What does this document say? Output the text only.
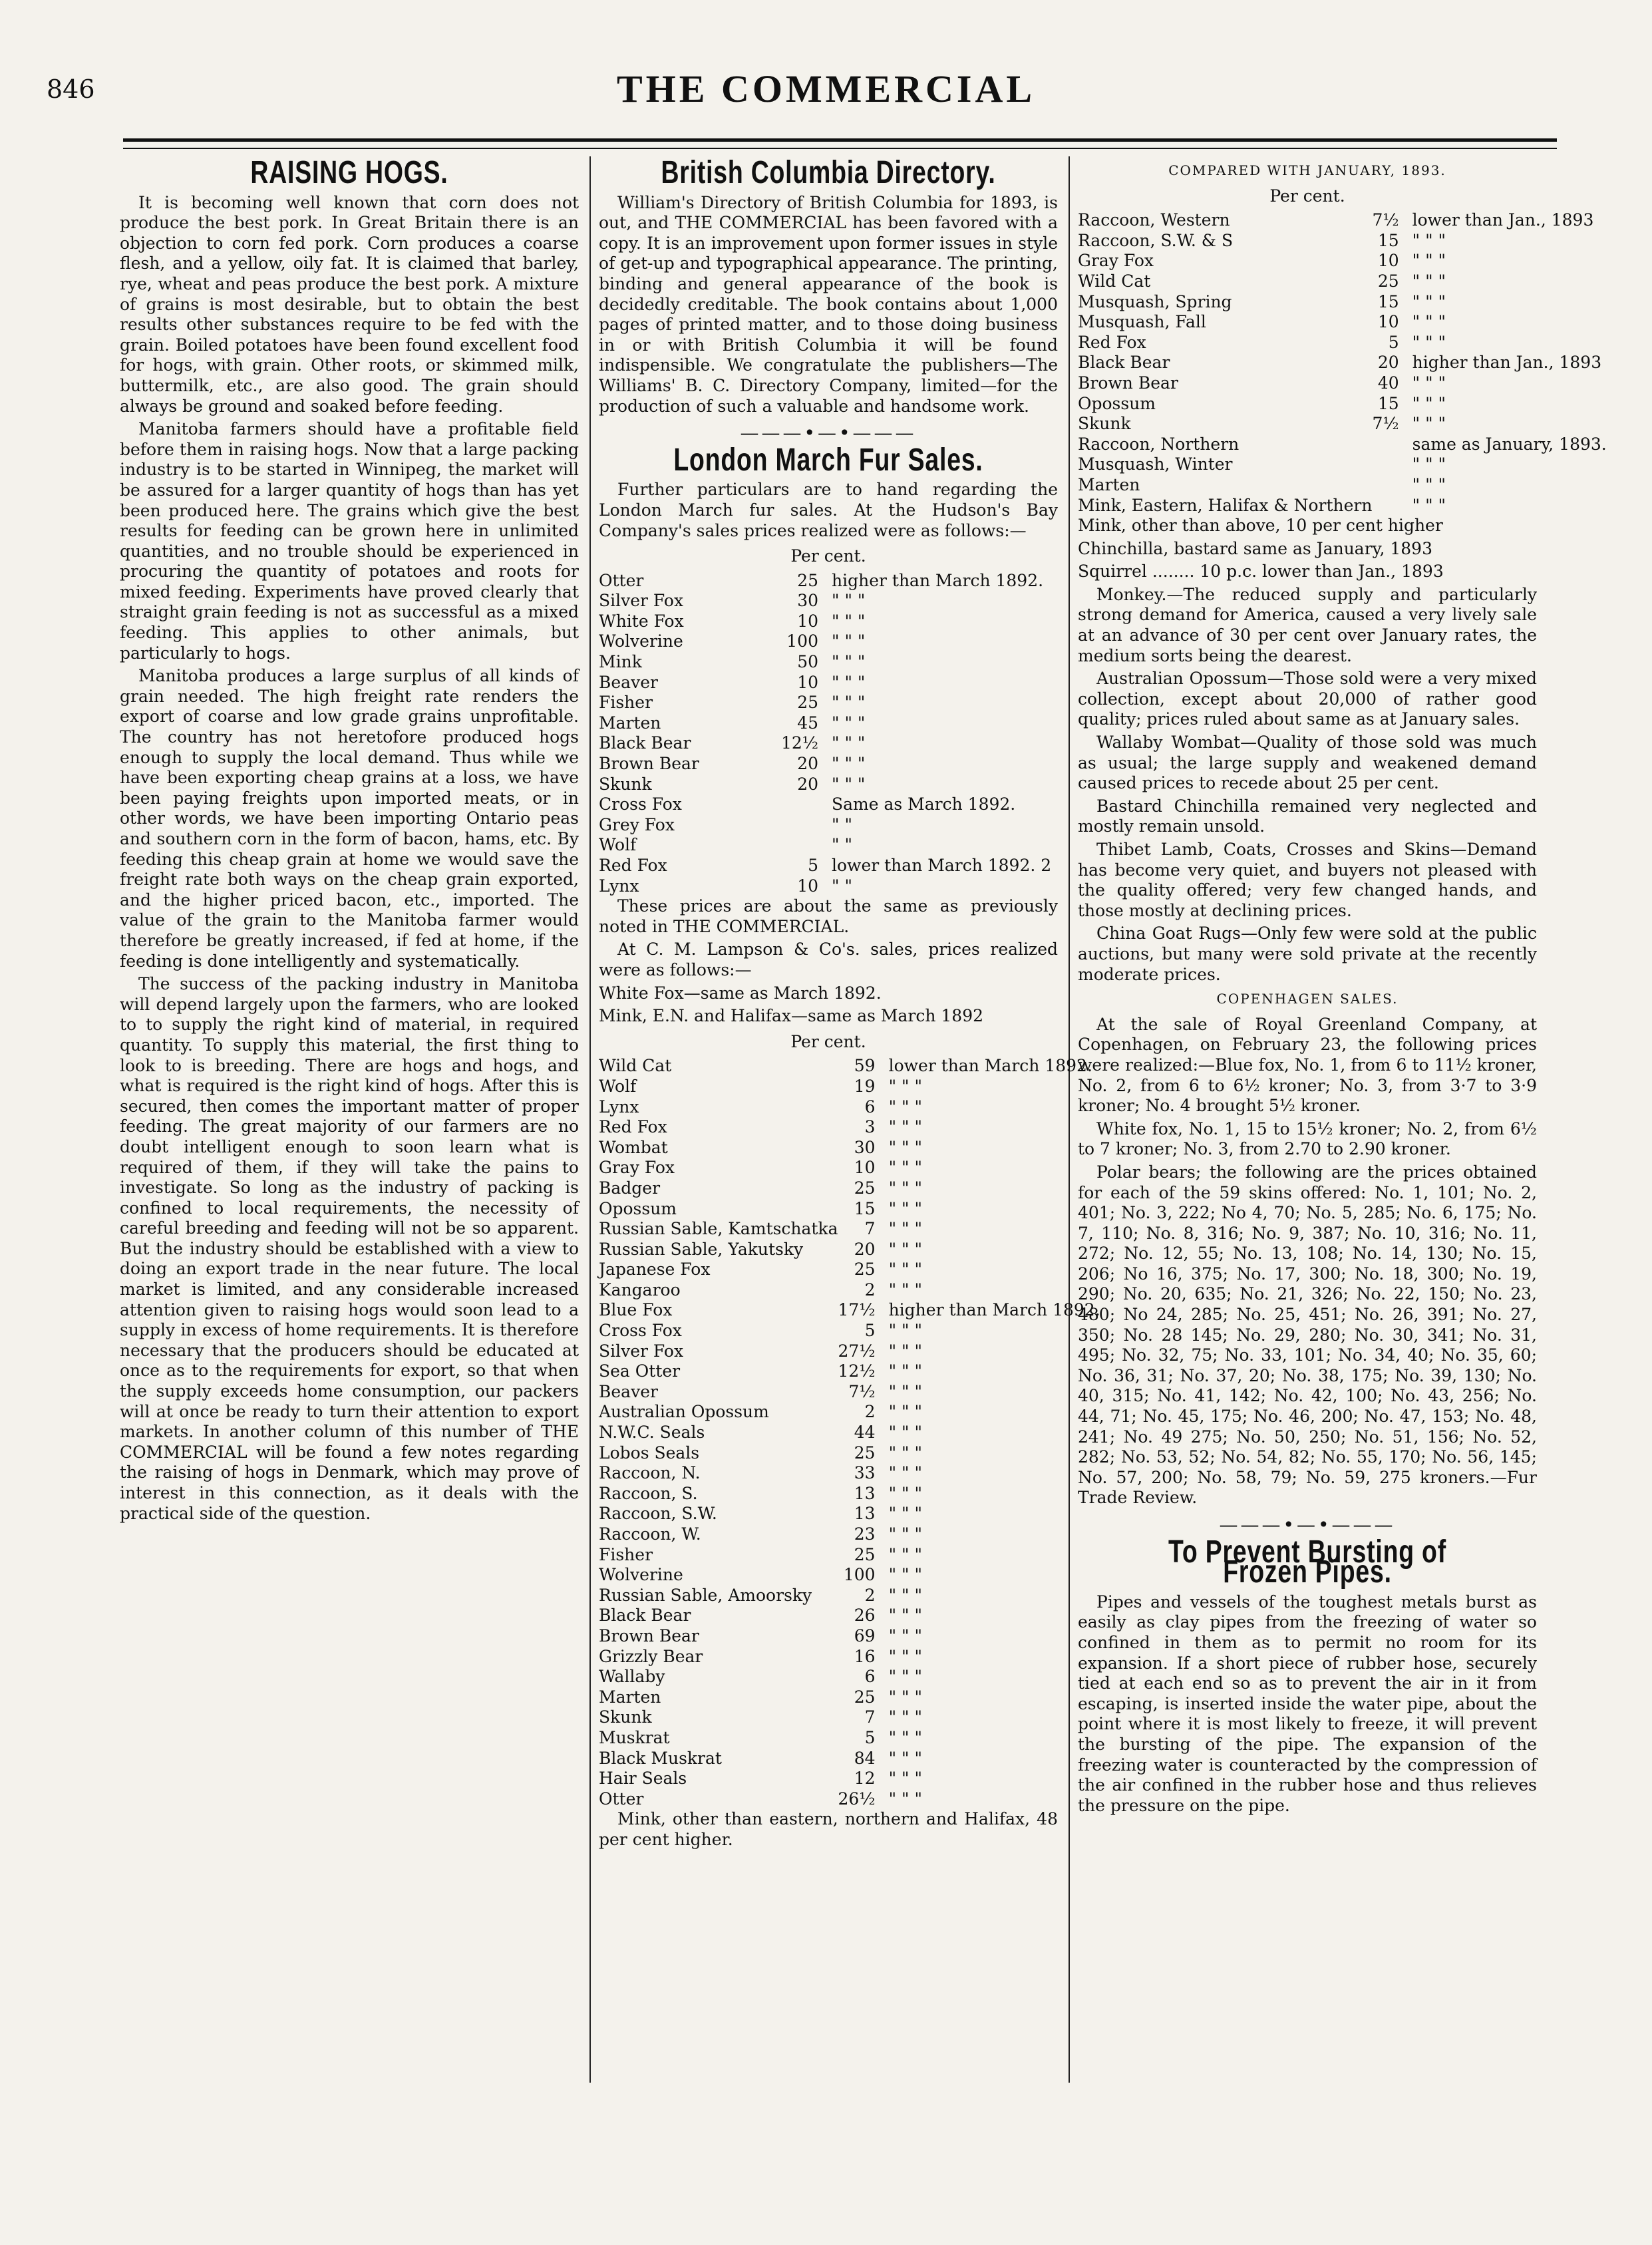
846	THE COMMERCIAL
RAISING HOGS.

It is becoming well known that corn does not produce the best pork. In Great Britain there is an objection to corn fed pork. Corn produces a coarse flesh, and a yellow, oily fat. It is claimed that barley, rye, wheat and peas produce the best pork. A mixture of grains is most desirable, but to obtain the best results other substances require to be fed with the grain. Boiled potatoes have been found excellent food for hogs, with grain. Other roots, or skimmed milk, buttermilk, etc., are also good. The grain should always be ground and soaked before feeding.

Manitoba farmers should have a profitable field before them in raising hogs. Now that a large packing industry is to be started in Winnipeg, the market will be assured for a larger quantity of hogs than has yet been produced here. The grains which give the best results for feeding can be grown here in unlimited quantities, and no trouble should be experienced in procuring the quantity of potatoes and roots for mixed feeding. Experiments have proved clearly that straight grain feeding is not as successful as a mixed feeding. This applies to other animals, but particularly to hogs.

Manitoba produces a large surplus of all kinds of grain needed. The high freight rate renders the export of coarse and low grade grains unprofitable. The country has not heretofore produced hogs enough to supply the local demand. Thus while we have been exporting cheap grains at a loss, we have been paying freights upon imported meats, or in other words, we have been importing Ontario peas and southern corn in the form of bacon, hams, etc. By feeding this cheap grain at home we would save the freight rate both ways on the cheap grain exported, and the higher priced bacon, etc., imported. The value of the grain to the Manitoba farmer would therefore be greatly increased, if fed at home, if the feeding is done intelligently and systematically.

The success of the packing industry in Manitoba will depend largely upon the farmers, who are looked to to supply the right kind of material, in required quantity. To supply this material, the first thing to look to is breeding. There are hogs and hogs, and what is required is the right kind of hogs. After this is secured, then comes the important matter of proper feeding. The great majority of our farmers are no doubt intelligent enough to soon learn what is required of them, if they will take the pains to investigate. So long as the industry of packing is confined to local requirements, the necessity of careful breeding and feeding will not be so apparent. But the industry should be established with a view to doing an export trade in the near future. The local market is limited, and any considerable increased attention given to raising hogs would soon lead to a supply in excess of home requirements. It is therefore necessary that the producers should be educated at once as to the requirements for export, so that when the supply exceeds home consumption, our packers will at once be ready to turn their attention to export markets. In another column of this number of THE COMMERCIAL will be found a few notes regarding the raising of hogs in Denmark, which may prove of interest in this connection, as it deals with the practical side of the question.

British Columbia Directory.

William's Directory of British Columbia for 1893, is out, and THE COMMERCIAL has been favored with a copy. It is an improvement upon former issues in style of get-up and typographical appearance. The printing, binding and general appearance of the book is decidedly creditable. The book contains about 1,000 pages of printed matter, and to those doing business in or with British Columbia it will be found indispensible. We congratulate the publishers—The Williams' B. C. Directory Company, limited—for the production of such a valuable and handsome work.

———•—•———
London March Fur Sales.

Further particulars are to hand regarding the London March fur sales. At the Hudson's Bay Company's sales prices realized were as follows:—

Per cent.
Otter	25	higher than March 1892.
Silver Fox	30	" " "
White Fox	10	" " "
Wolverine	100	" " "
Mink	50	" " "
Beaver	10	" " "
Fisher	25	" " "
Marten	45	" " "
Black Bear	12½	" " "
Brown Bear	20	" " "
Skunk	20	" " "
Cross Fox		Same as March 1892.
Grey Fox		" "
Wolf		" "
Red Fox	5	lower than March 1892. 2
Lynx	10	" "

These prices are about the same as previously noted in THE COMMERCIAL.

At C. M. Lampson & Co's. sales, prices realized were as follows:—

White Fox—same as March 1892.

Mink, E.N. and Halifax—same as March 1892

Per cent.
Wild Cat	59	lower than March 1892.
Wolf	19	" " "
Lynx	6	" " "
Red Fox	3	" " "
Wombat	30	" " "
Gray Fox	10	" " "
Badger	25	" " "
Opossum	15	" " "
Russian Sable, Kamtschatka	7	" " "
Russian Sable, Yakutsky	20	" " "
Japanese Fox	25	" " "
Kangaroo	2	" " "
Blue Fox	17½	higher than March 1892.
Cross Fox	5	" " "
Silver Fox	27½	" " "
Sea Otter	12½	" " "
Beaver	7½	" " "
Australian Opossum	2	" " "
N.W.C. Seals	44	" " "
Lobos Seals	25	" " "
Raccoon, N.	33	" " "
Raccoon, S.	13	" " "
Raccoon, S.W.	13	" " "
Raccoon, W.	23	" " "
Fisher	25	" " "
Wolverine	100	" " "
Russian Sable, Amoorsky	2	" " "
Black Bear	26	" " "
Brown Bear	69	" " "
Grizzly Bear	16	" " "
Wallaby	6	" " "
Marten	25	" " "
Skunk	7	" " "
Muskrat	5	" " "
Black Muskrat	84	" " "
Hair Seals	12	" " "
Otter	26½	" " "

Mink, other than eastern, northern and Halifax, 48 per cent higher.

COMPARED WITH JANUARY, 1893.
Per cent.
Raccoon, Western	7½	lower than Jan., 1893
Raccoon, S.W. & S	15	" " "
Gray Fox	10	" " "
Wild Cat	25	" " "
Musquash, Spring	15	" " "
Musquash, Fall	10	" " "
Red Fox	5	" " "
Black Bear	20	higher than Jan., 1893
Brown Bear	40	" " "
Opossum	15	" " "
Skunk	7½	" " "
Raccoon, Northern		same as January, 1893.
Musquash, Winter		" " "
Marten		" " "
Mink, Eastern, Halifax & Northern		" " "

Mink, other than above, 10 per cent higher

Chinchilla, bastard same as January, 1893

Squirrel ........ 10 p.c. lower than Jan., 1893

Monkey.—The reduced supply and particularly strong demand for America, caused a very lively sale at an advance of 30 per cent over January rates, the medium sorts being the dearest.

Australian Opossum—Those sold were a very mixed collection, except about 20,000 of rather good quality; prices ruled about same as at January sales.

Wallaby Wombat—Quality of those sold was much as usual; the large supply and weakened demand caused prices to recede about 25 per cent.

Bastard Chinchilla remained very neglected and mostly remain unsold.

Thibet Lamb, Coats, Crosses and Skins—Demand has become very quiet, and buyers not pleased with the quality offered; very few changed hands, and those mostly at declining prices.

China Goat Rugs—Only few were sold at the public auctions, but many were sold private at the recently moderate prices.

COPENHAGEN SALES.

At the sale of Royal Greenland Company, at Copenhagen, on February 23, the following prices were realized:—Blue fox, No. 1, from 6 to 11½ kroner, No. 2, from 6 to 6½ kroner; No. 3, from 3·7 to 3·9 kroner; No. 4 brought 5½ kroner.

White fox, No. 1, 15 to 15½ kroner; No. 2, from 6½ to 7 kroner; No. 3, from 2.70 to 2.90 kroner.

Polar bears; the following are the prices obtained for each of the 59 skins offered: No. 1, 101; No. 2, 401; No. 3, 222; No 4, 70; No. 5, 285; No. 6, 175; No. 7, 110; No. 8, 316; No. 9, 387; No. 10, 316; No. 11, 272; No. 12, 55; No. 13, 108; No. 14, 130; No. 15, 206; No 16, 375; No. 17, 300; No. 18, 300; No. 19, 290; No. 20, 635; No. 21, 326; No. 22, 150; No. 23, 480; No 24, 285; No. 25, 451; No. 26, 391; No. 27, 350; No. 28 145; No. 29, 280; No. 30, 341; No. 31, 495; No. 32, 75; No. 33, 101; No. 34, 40; No. 35, 60; No. 36, 31; No. 37, 20; No. 38, 175; No. 39, 130; No. 40, 315; No. 41, 142; No. 42, 100; No. 43, 256; No. 44, 71; No. 45, 175; No. 46, 200; No. 47, 153; No. 48, 241; No. 49 275; No. 50, 250; No. 51, 156; No. 52, 282; No. 53, 52; No. 54, 82; No. 55, 170; No. 56, 145; No. 57, 200; No. 58, 79; No. 59, 275 kroners.—Fur Trade Review.

———•—•———
To Prevent Bursting of Frozen Pipes.

Pipes and vessels of the toughest metals burst as easily as clay pipes from the freezing of water so confined in them as to permit no room for its expansion. If a short piece of rubber hose, securely tied at each end so as to prevent the air in it from escaping, is inserted inside the water pipe, about the point where it is most likely to freeze, it will prevent the bursting of the pipe. The expansion of the freezing water is counteracted by the compression of the air confined in the rubber hose and thus relieves the pressure on the pipe.
